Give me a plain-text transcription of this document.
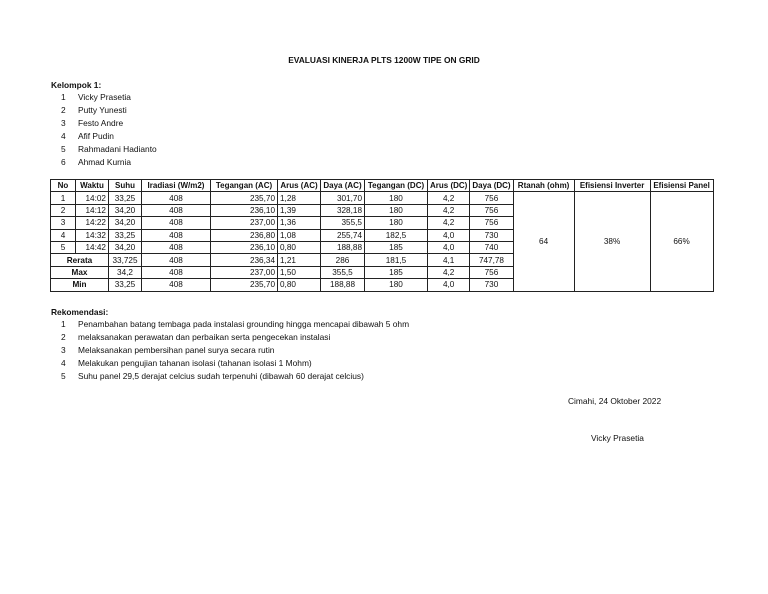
EVALUASI KINERJA PLTS 1200W TIPE ON GRID
Kelompok 1:
1 Vicky Prasetia
2 Putty Yunesti
3 Festo Andre
4 Afif Pudin
5 Rahmadani Hadianto
6 Ahmad Kurnia
No	Waktu	Suhu	Iradiasi (W/m2)	Tegangan (AC)	Arus (AC)	Daya (AC)	Tegangan (DC)	Arus (DC)	Daya (DC)	Rtanah (ohm)	Efisiensi Inverter	Efisiensi Panel
1	14:02	33,25	408	235,70	1,28	301,70	180	4,2	756	64	38%	66%
2	14:12	34,20	408	236,10	1,39	328,18	180	4,2	756			
3	14:22	34,20	408	237,00	1,36	355,5	180	4,2	756			
4	14:32	33,25	408	236,80	1,08	255,74	182,5	4,0	730			
5	14:42	34,20	408	236,10	0,80	188,88	185	4,0	740			
Rerata		33,725	408	236,34	1,21	286	181,5	4,1	747,78			
Max		34,2	408	237,00	1,50	355,5	185	4,2	756			
Min		33,25	408	235,70	0,80	188,88	180	4,0	730			
Rekomendasi:
1 Penambahan batang tembaga pada instalasi grounding hingga mencapai dibawah 5 ohm
2 melaksanakan perawatan dan perbaikan serta pengecekan instalasi
3 Melaksanakan pembersihan panel surya secara rutin
4 Melakukan pengujian tahanan isolasi (tahanan isolasi 1 Mohm)
5 Suhu panel 29,5 derajat celcius sudah terpenuhi (dibawah 60 derajat celcius)
Cimahi, 24 Oktober 2022
Vicky Prasetia
